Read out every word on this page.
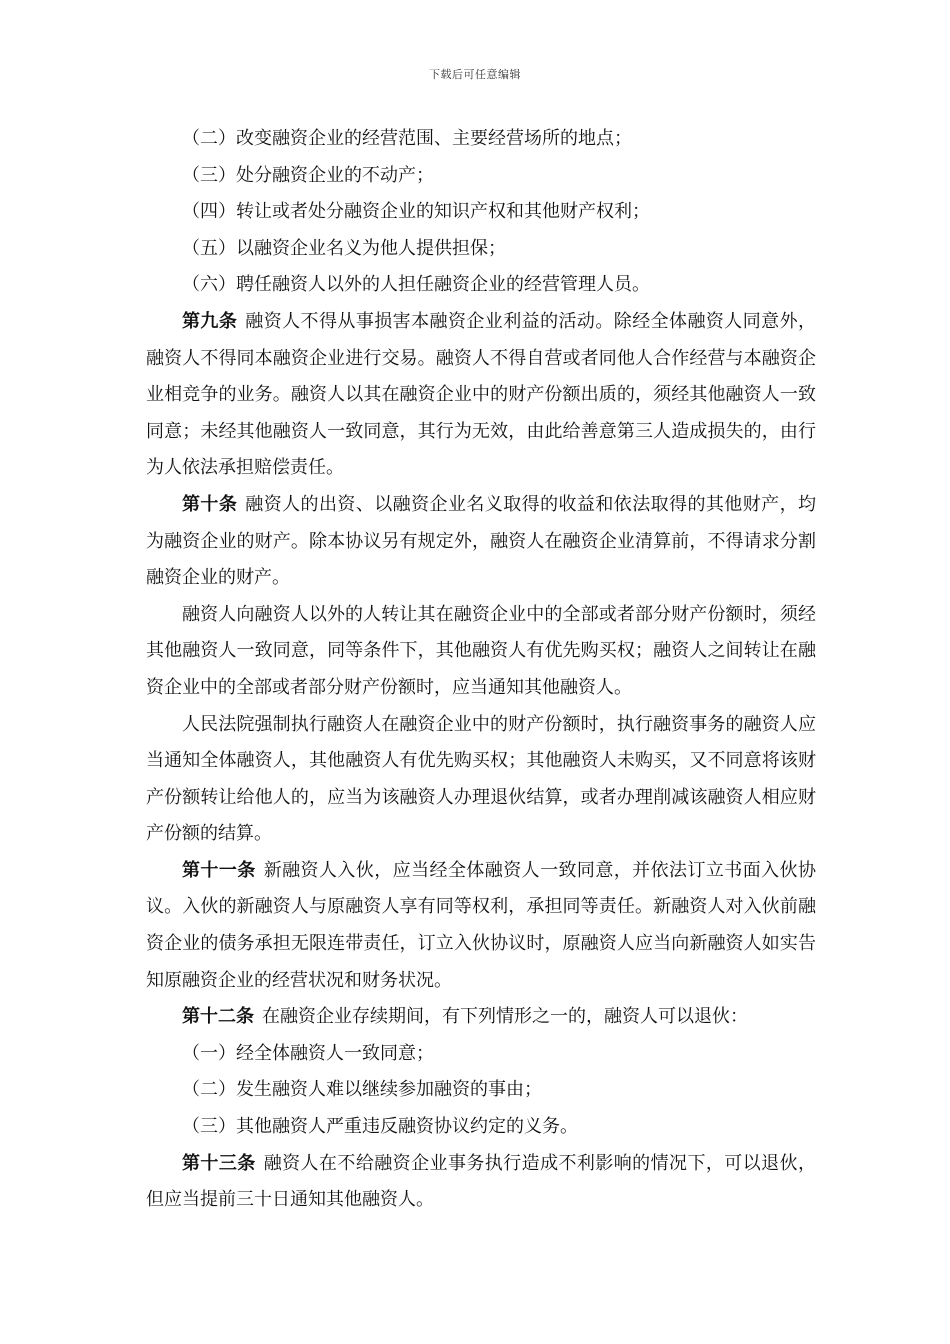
下载后可任意编辑

（二）改变融资企业的经营范围、主要经营场所的地点；

（三）处分融资企业的不动产；

（四）转让或者处分融资企业的知识产权和其他财产权利；

（五）以融资企业名义为他人提供担保；

（六）聘任融资人以外的人担任融资企业的经营管理人员。

第九条 融资人不得从事损害本融资企业利益的活动。除经全体融资人同意外，融资人不得同本融资企业进行交易。融资人不得自营或者同他人合作经营与本融资企业相竞争的业务。融资人以其在融资企业中的财产份额出质的，须经其他融资人一致同意；未经其他融资人一致同意，其行为无效，由此给善意第三人造成损失的，由行为人依法承担赔偿责任。

第十条 融资人的出资、以融资企业名义取得的收益和依法取得的其他财产，均为融资企业的财产。除本协议另有规定外，融资人在融资企业清算前，不得请求分割融资企业的财产。

融资人向融资人以外的人转让其在融资企业中的全部或者部分财产份额时，须经其他融资人一致同意，同等条件下，其他融资人有优先购买权；融资人之间转让在融资企业中的全部或者部分财产份额时，应当通知其他融资人。

人民法院强制执行融资人在融资企业中的财产份额时，执行融资事务的融资人应当通知全体融资人，其他融资人有优先购买权；其他融资人未购买，又不同意将该财产份额转让给他人的，应当为该融资人办理退伙结算，或者办理削减该融资人相应财产份额的结算。

第十一条 新融资人入伙，应当经全体融资人一致同意，并依法订立书面入伙协议。入伙的新融资人与原融资人享有同等权利，承担同等责任。新融资人对入伙前融资企业的债务承担无限连带责任，订立入伙协议时，原融资人应当向新融资人如实告知原融资企业的经营状况和财务状况。

第十二条 在融资企业存续期间，有下列情形之一的，融资人可以退伙：

（一）经全体融资人一致同意；

（二）发生融资人难以继续参加融资的事由；

（三）其他融资人严重违反融资协议约定的义务。

第十三条 融资人在不给融资企业事务执行造成不利影响的情况下，可以退伙，但应当提前三十日通知其他融资人。
